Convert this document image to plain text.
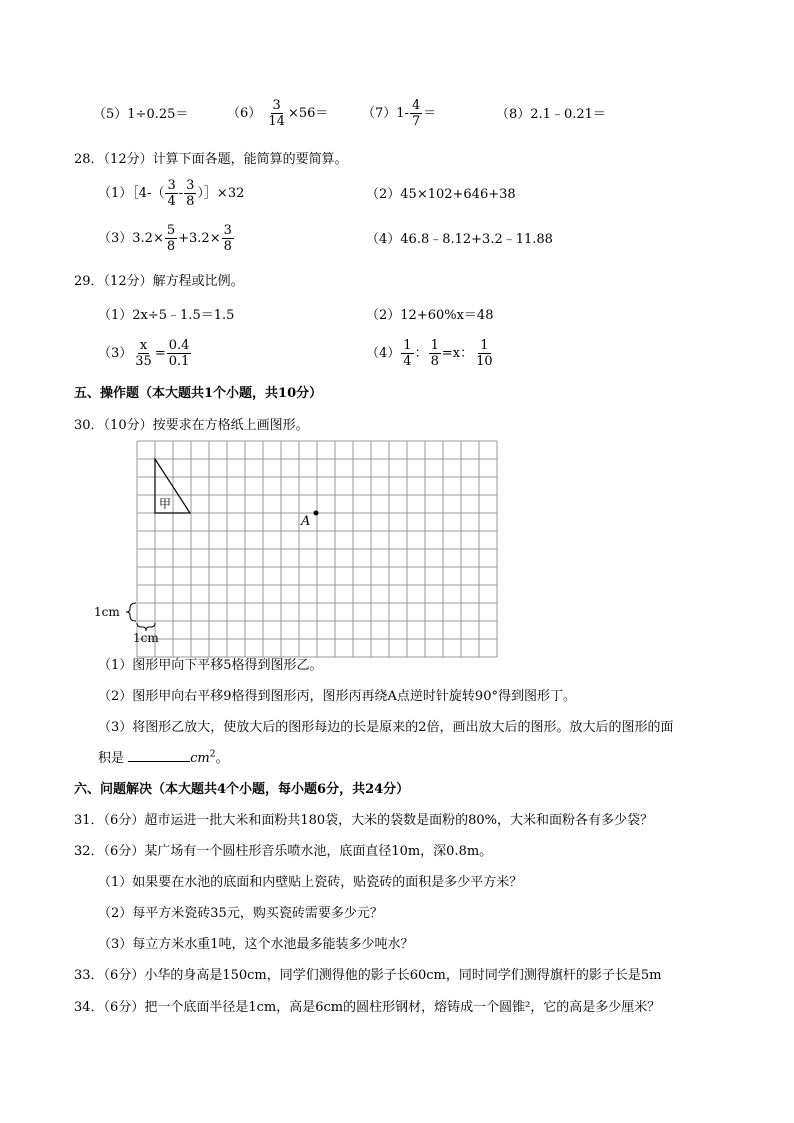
（5）1÷0.25＝	$(6) \frac{3}{14} \times 56=$	$(7)1- \frac{4}{7}$ ＝	（8）2.1﹣0.21＝
28．（12分）计算下面各题，能简算的要简算。
（1）［4-（ $\frac{3}{4} - \frac{3}{8}$ ）］×32	（2）45×102+646+38
$(3)3.2\times \frac{5}{8} +3.2\times \frac{3}{8}$	（4）46.8﹣8.12+3.2﹣11.88
29．（12分）解方程或比例。
（1）2x÷5﹣1.5＝1.5	（2）12+60%x＝48
$(3) \frac{x}{35} = \frac{0.4}{0.1}$	$(4) \frac{1}{4}$ ： $\frac{1}{8} =x$： $\frac{1}{10}$
五、操作题（本大题共1个小题，共10分）
30．（10分）按要求在方格纸上画图形。
甲
A
1cm
1cm
（1）图形甲向下平移5格得到图形乙。
（2）图形甲向右平移9格得到图形丙，图形丙再绕A点逆时针旋转90°得到图形丁。
（3）将图形乙放大，使放大后的图形每边的长是原来的2倍，画出放大后的图形。放大后的图形的面
积是	$cm^2$。
六、问题解决（本大题共4个小题，每小题6分，共24分）
31．（6分）超市运进一批大米和面粉共180袋，大米的袋数是面粉的80%，大米和面粉各有多少袋？
32．（6分）某广场有一个圆柱形音乐喷水池，底面直径10m，深0.8m。
（1）如果要在水池的底面和内壁贴上瓷砖，贴瓷砖的面积是多少平方米？
（2）每平方米瓷砖35元，购买瓷砖需要多少元？
（3）每立方米水重1吨，这个水池最多能装多少吨水？
33．（6分）小华的身高是150cm，同学们测得他的影子长60cm，同时同学们测得旗杆的影子长是5m
34．（6分）把一个底面半径是1cm，高是6cm的圆柱形钢材，熔铸成一个圆锥²，它的高是多少厘米？
